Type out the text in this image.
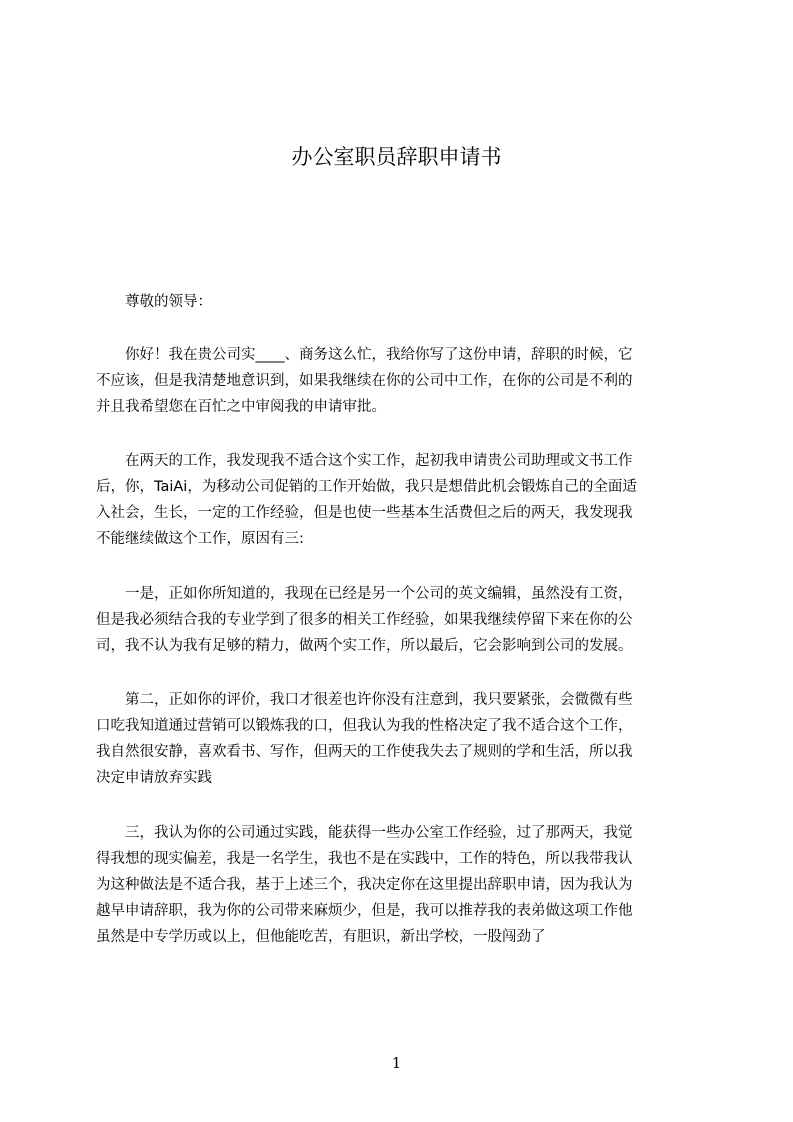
办公室职员辞职申请书
　　尊敬的领导：
　　你好！我在贵公司实____、商务这么忙，我给你写了这份申请，辞职的时候，它
不应该，但是我清楚地意识到，如果我继续在你的公司中工作，在你的公司是不利的
并且我希望您在百忙之中审阅我的申请审批。
　　在两天的工作，我发现我不适合这个实工作，起初我申请贵公司助理或文书工作
后，你，TaiAi，为移动公司促销的工作开始做，我只是想借此机会锻炼自己的全面适
入社会，生长，一定的工作经验，但是也使一些基本生活费但之后的两天，我发现我
不能继续做这个工作，原因有三:
　　一是，正如你所知道的，我现在已经是另一个公司的英文编辑，虽然没有工资，
但是我必须结合我的专业学到了很多的相关工作经验，如果我继续停留下来在你的公
司，我不认为我有足够的精力，做两个实工作，所以最后，它会影响到公司的发展。
　　第二，正如你的评价，我口才很差也许你没有注意到，我只要紧张，会微微有些
口吃我知道通过营销可以锻炼我的口，但我认为我的性格决定了我不适合这个工作，
我自然很安静，喜欢看书、写作，但两天的工作使我失去了规则的学和生活，所以我
决定申请放弃实践
　　三，我认为你的公司通过实践，能获得一些办公室工作经验，过了那两天，我觉
得我想的现实偏差，我是一名学生，我也不是在实践中，工作的特色，所以我带我认
为这种做法是不适合我，基于上述三个，我决定你在这里提出辞职申请，因为我认为
越早申请辞职，我为你的公司带来麻烦少，但是，我可以推荐我的表弟做这项工作他
虽然是中专学历或以上，但他能吃苦，有胆识，新出学校，一股闯劲了
1
